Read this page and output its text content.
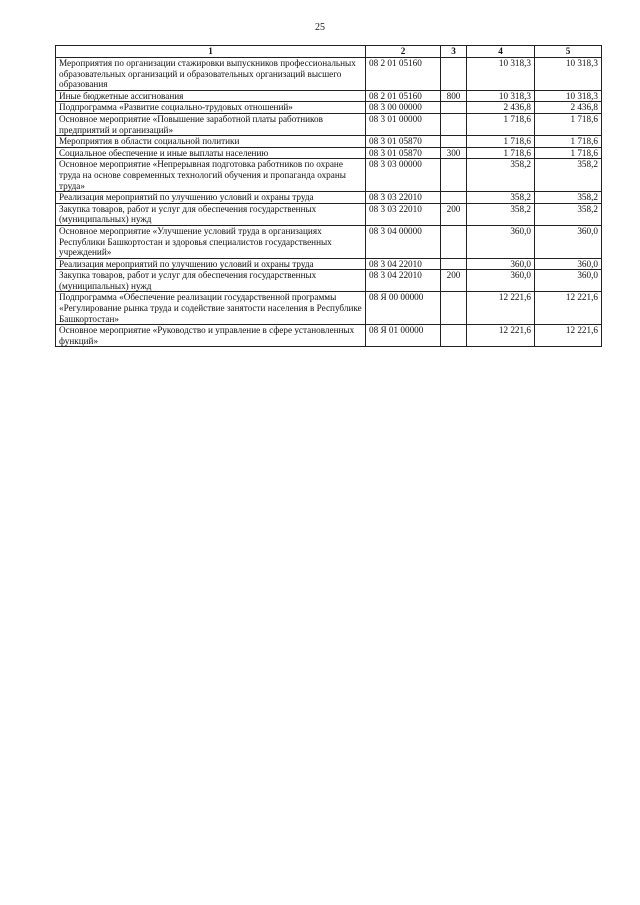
25
1	2	3	4	5
Мероприятия по организации стажировки выпускников профессиональных образовательных организаций и образовательных организаций высшего образования	08 2 01 05160		10 318,3	10 318,3
Иные бюджетные ассигнования	08 2 01 05160	800	10 318,3	10 318,3
Подпрограмма «Развитие социально-трудовых отношений»	08 3 00 00000		2 436,8	2 436,8
Основное мероприятие «Повышение заработной платы работников предприятий и организаций»	08 3 01 00000		1 718,6	1 718,6
Мероприятия в области социальной политики	08 3 01 05870		1 718,6	1 718,6
Социальное обеспечение и иные выплаты населению	08 3 01 05870	300	1 718,6	1 718,6
Основное мероприятие «Непрерывная подготовка работников по охране труда на основе современных технологий обучения и пропаганда охраны труда»	08 3 03 00000		358,2	358,2
Реализация мероприятий по улучшению условий и охраны труда	08 3 03 22010		358,2	358,2
Закупка товаров, работ и услуг для обеспечения государственных (муниципальных) нужд	08 3 03 22010	200	358,2	358,2
Основное мероприятие «Улучшение условий труда в организациях Республики Башкортостан и здоровья специалистов государственных учреждений»	08 3 04 00000		360,0	360,0
Реализация мероприятий по улучшению условий и охраны труда	08 3 04 22010		360,0	360,0
Закупка товаров, работ и услуг для обеспечения государственных (муниципальных) нужд	08 3 04 22010	200	360,0	360,0
Подпрограмма «Обеспечение реализации государственной программы «Регулирование рынка труда и содействие занятости населения в Республике Башкортостан»	08 Я 00 00000		12 221,6	12 221,6
Основное мероприятие «Руководство и управление в сфере установленных функций»	08 Я 01 00000		12 221,6	12 221,6
